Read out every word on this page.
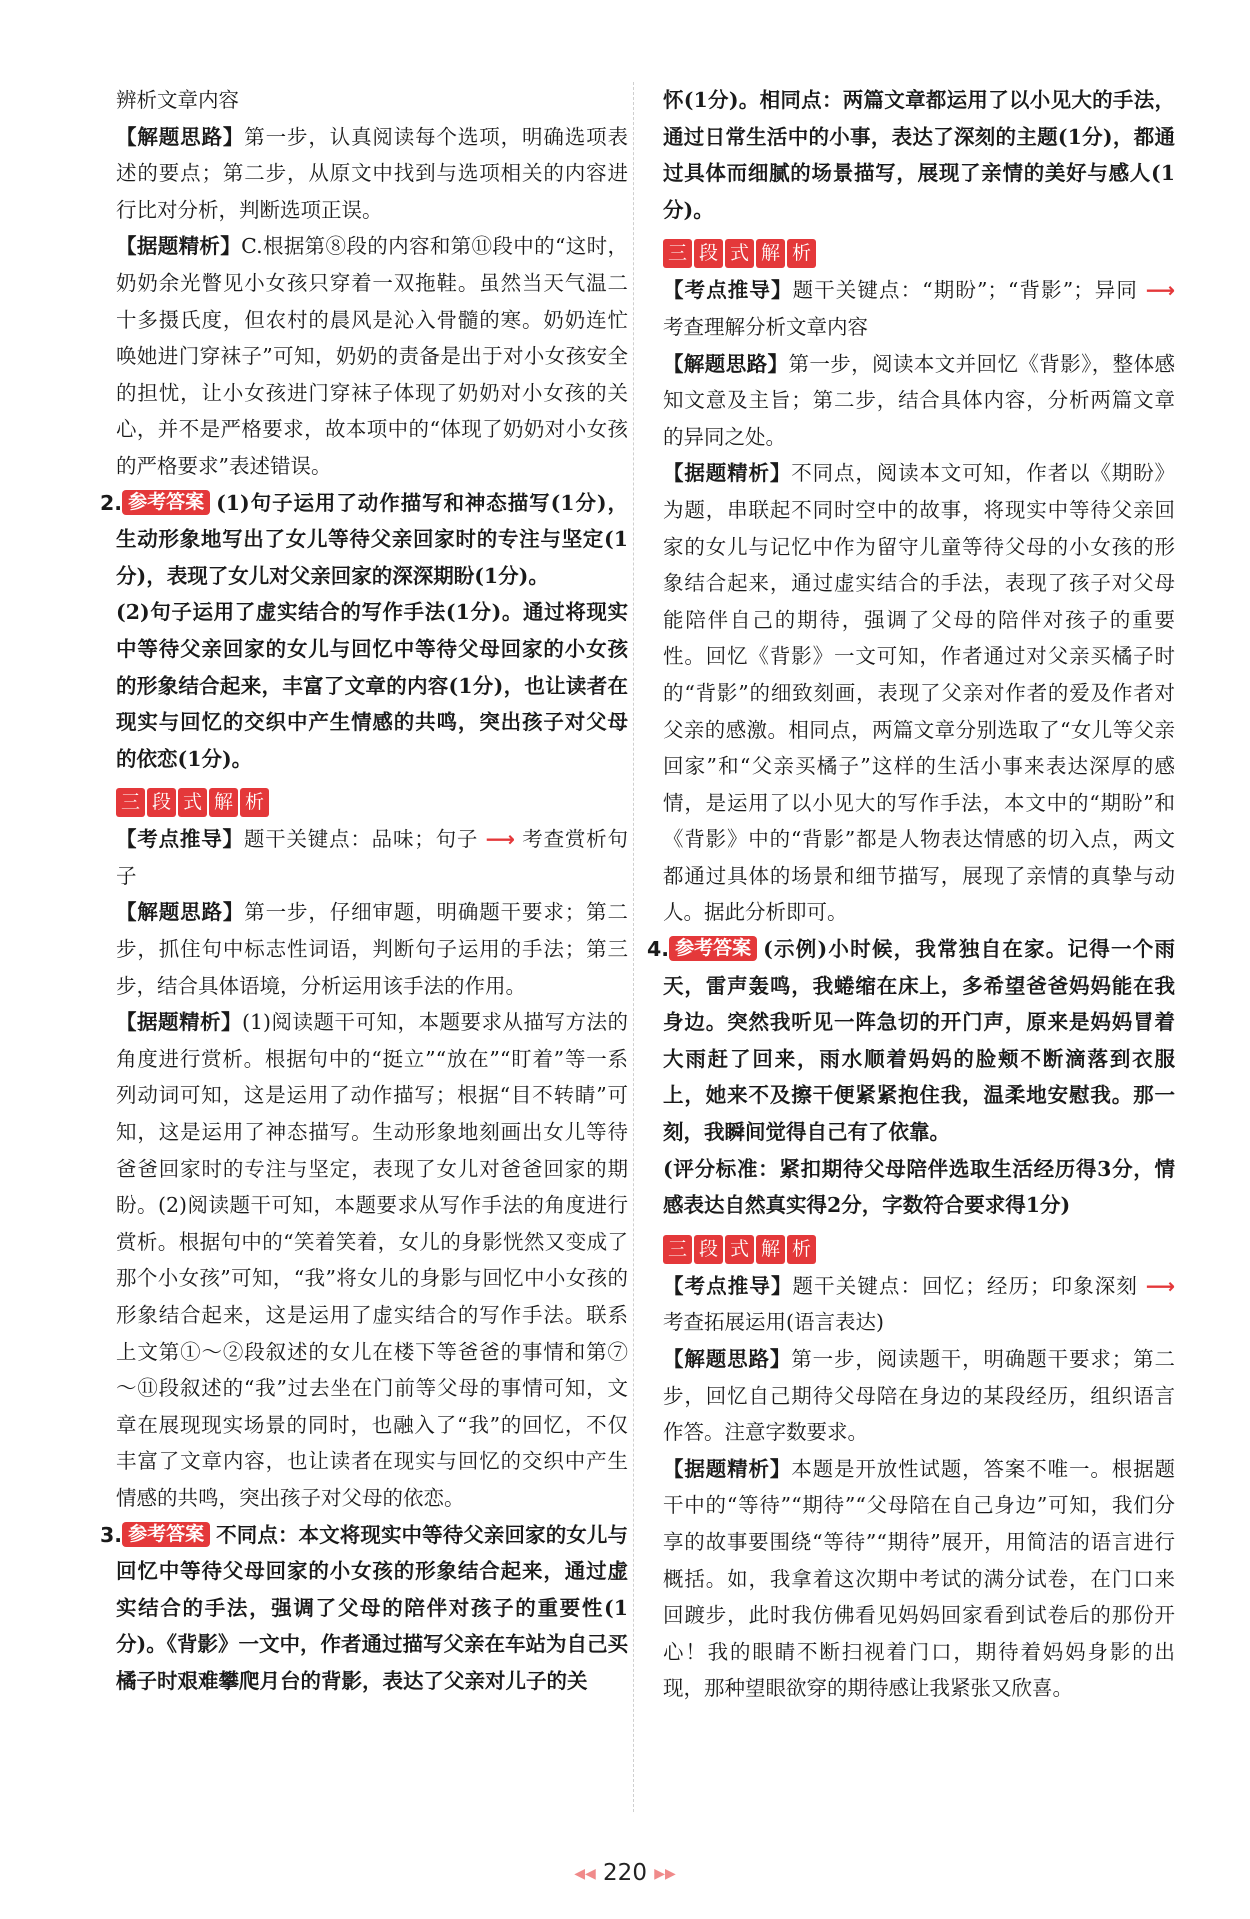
辨析文章内容

【解题思路】第一步，认真阅读每个选项，明确选项表述的要点；第二步，从原文中找到与选项相关的内容进行比对分析，判断选项正误。

【据题精析】C.根据第⑧段的内容和第⑪段中的“这时，奶奶余光瞥见小女孩只穿着一双拖鞋。虽然当天气温二十多摄氏度，但农村的晨风是沁入骨髓的寒。奶奶连忙唤她进门穿袜子”可知，奶奶的责备是出于对小女孩安全的担忧，让小女孩进门穿袜子体现了奶奶对小女孩的关心，并不是严格要求，故本项中的“体现了奶奶对小女孩的严格要求”表述错误。

2. 参考答案 (1)句子运用了动作描写和神态描写(1分)，生动形象地写出了女儿等待父亲回家时的专注与坚定(1分)，表现了女儿对父亲回家的深深期盼(1分)。

(2)句子运用了虚实结合的写作手法(1分)。通过将现实中等待父亲回家的女儿与回忆中等待父母回家的小女孩的形象结合起来，丰富了文章的内容(1分)，也让读者在现实与回忆的交织中产生情感的共鸣，突出孩子对父母的依恋(1分)。

三 段 式 解 析

【考点推导】题干关键点：品味；句子 ⟶ 考查赏析句子

【解题思路】第一步，仔细审题，明确题干要求；第二步，抓住句中标志性词语，判断句子运用的手法；第三步，结合具体语境，分析运用该手法的作用。

【据题精析】(1)阅读题干可知，本题要求从描写方法的角度进行赏析。根据句中的“挺立”“放在”“盯着”等一系列动词可知，这是运用了动作描写；根据“目不转睛”可知，这是运用了神态描写。生动形象地刻画出女儿等待爸爸回家时的专注与坚定，表现了女儿对爸爸回家的期盼。(2)阅读题干可知，本题要求从写作手法的角度进行赏析。根据句中的“笑着笑着，女儿的身影恍然又变成了那个小女孩”可知，“我”将女儿的身影与回忆中小女孩的形象结合起来，这是运用了虚实结合的写作手法。联系上文第①～②段叙述的女儿在楼下等爸爸的事情和第⑦～⑪段叙述的“我”过去坐在门前等父母的事情可知，文章在展现现实场景的同时，也融入了“我”的回忆，不仅丰富了文章内容，也让读者在现实与回忆的交织中产生情感的共鸣，突出孩子对父母的依恋。

3. 参考答案 不同点：本文将现实中等待父亲回家的女儿与回忆中等待父母回家的小女孩的形象结合起来，通过虚实结合的手法，强调了父母的陪伴对孩子的重要性(1分)。《背影》一文中，作者通过描写父亲在车站为自己买橘子时艰难攀爬月台的背影，表达了父亲对儿子的关

怀(1分)。相同点：两篇文章都运用了以小见大的手法，通过日常生活中的小事，表达了深刻的主题(1分)，都通过具体而细腻的场景描写，展现了亲情的美好与感人(1分)。

三 段 式 解 析

【考点推导】题干关键点：“期盼”；“背影”；异同 ⟶ 考查理解分析文章内容

【解题思路】第一步，阅读本文并回忆《背影》，整体感知文意及主旨；第二步，结合具体内容，分析两篇文章的异同之处。

【据题精析】不同点，阅读本文可知，作者以《期盼》为题，串联起不同时空中的故事，将现实中等待父亲回家的女儿与记忆中作为留守儿童等待父母的小女孩的形象结合起来，通过虚实结合的手法，表现了孩子对父母能陪伴自己的期待，强调了父母的陪伴对孩子的重要性。回忆《背影》一文可知，作者通过对父亲买橘子时的“背影”的细致刻画，表现了父亲对作者的爱及作者对父亲的感激。相同点，两篇文章分别选取了“女儿等父亲回家”和“父亲买橘子”这样的生活小事来表达深厚的感情，是运用了以小见大的写作手法，本文中的“期盼”和《背影》中的“背影”都是人物表达情感的切入点，两文都通过具体的场景和细节描写，展现了亲情的真挚与动人。据此分析即可。

4. 参考答案 (示例)小时候，我常独自在家。记得一个雨天，雷声轰鸣，我蜷缩在床上，多希望爸爸妈妈能在我身边。突然我听见一阵急切的开门声，原来是妈妈冒着大雨赶了回来，雨水顺着妈妈的脸颊不断滴落到衣服上，她来不及擦干便紧紧抱住我，温柔地安慰我。那一刻，我瞬间觉得自己有了依靠。

(评分标准：紧扣期待父母陪伴选取生活经历得3分，情感表达自然真实得2分，字数符合要求得1分)

三 段 式 解 析

【考点推导】题干关键点：回忆；经历；印象深刻 ⟶ 考查拓展运用(语言表达)

【解题思路】第一步，阅读题干，明确题干要求；第二步，回忆自己期待父母陪在身边的某段经历，组织语言作答。注意字数要求。

【据题精析】本题是开放性试题，答案不唯一。根据题干中的“等待”“期待”“父母陪在自己身边”可知，我们分享的故事要围绕“等待”“期待”展开，用简洁的语言进行概括。如，我拿着这次期中考试的满分试卷，在门口来回踱步，此时我仿佛看见妈妈回家看到试卷后的那份开心！我的眼睛不断扫视着门口，期待着妈妈身影的出现，那种望眼欲穿的期待感让我紧张又欣喜。

◀◀ 220 ▶▶
